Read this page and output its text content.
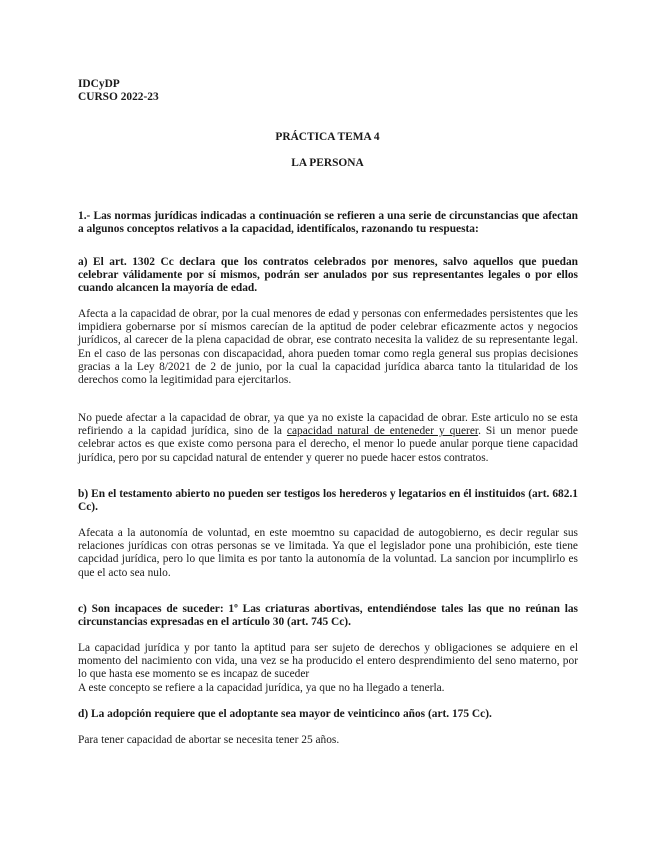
IDCyDP
CURSO 2022-23
PRÁCTICA TEMA 4
LA PERSONA

1.- Las normas jurídicas indicadas a continuación se refieren a una serie de circunstancias que afectan a algunos conceptos relativos a la capacidad, identifícalos, razonando tu respuesta:

a) El art. 1302 Cc declara que los contratos celebrados por menores, salvo aquellos que puedan celebrar válidamente por sí mismos, podrán ser anulados por sus representantes legales o por ellos cuando alcancen la mayoría de edad.

Afecta a la capacidad de obrar, por la cual menores de edad y personas con enfermedades persistentes que les impidiera gobernarse por sí mismos carecían de la aptitud de poder celebrar eficazmente actos y negocios jurídicos, al carecer de la plena capacidad de obrar, ese contrato necesita la validez de su representante legal. En el caso de las personas con discapacidad, ahora pueden tomar como regla general sus propias decisiones gracias a la Ley 8/2021 de 2 de junio, por la cual la capacidad jurídica abarca tanto la titularidad de los derechos como la legitimidad para ejercitarlos.

No puede afectar a la capacidad de obrar, ya que ya no existe la capacidad de obrar. Este articulo no se esta refiriendo a la capidad jurídica, sino de la capacidad natural de enteneder y querer. Si un menor puede celebrar actos es que existe como persona para el derecho, el menor lo puede anular porque tiene capacidad jurídica, pero por su capcidad natural de entender y querer no puede hacer estos contratos.

b) En el testamento abierto no pueden ser testigos los herederos y legatarios en él instituidos (art. 682.1 Cc).

Afecata a la autonomía de voluntad, en este moemtno su capacidad de autogobierno, es decir regular sus relaciones jurídicas con otras personas se ve limitada. Ya que el legislador pone una prohibición, este tiene capcidad jurídica, pero lo que limita es por tanto la autonomía de la voluntad. La sancion por incumplirlo es que el acto sea nulo.

c) Son incapaces de suceder: 1º Las criaturas abortivas, entendiéndose tales las que no reúnan las circunstancias expresadas en el artículo 30 (art. 745 Cc).

La capacidad jurídica y por tanto la aptitud para ser sujeto de derechos y obligaciones se adquiere en el momento del nacimiento con vida, una vez se ha producido el entero desprendimiento del seno materno, por lo que hasta ese momento se es incapaz de suceder
A este concepto se refiere a la capacidad jurídica, ya que no ha llegado a tenerla.

d) La adopción requiere que el adoptante sea mayor de veinticinco años (art. 175 Cc).

Para tener capacidad de abortar se necesita tener 25 años.
